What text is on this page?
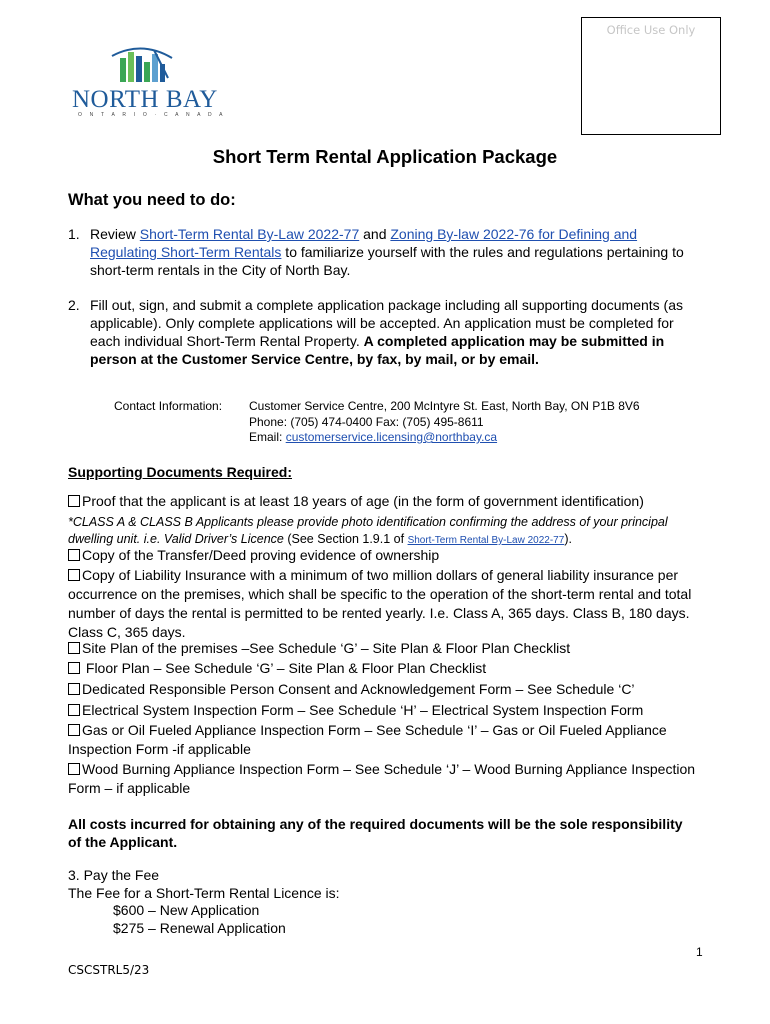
Office Use Only
NORTH BAY
O N T A R I O · C A N A D A
Short Term Rental Application Package
What you need to do:
1. Review Short-Term Rental By-Law 2022-77 and Zoning By-law 2022-76 for Defining and Regulating Short-Term Rentals to familiarize yourself with the rules and regulations pertaining to short-term rentals in the City of North Bay.
2. Fill out, sign, and submit a complete application package including all supporting documents (as applicable). Only complete applications will be accepted. An application must be completed for each individual Short-Term Rental Property. A completed application may be submitted in person at the Customer Service Centre, by fax, by mail, or by email.
Contact Information: Customer Service Centre, 200 McIntyre St. East, North Bay, ON P1B 8V6
Phone: (705) 474-0400 Fax: (705) 495-8611
Email: customerservice.licensing@northbay.ca
Supporting Documents Required:
Proof that the applicant is at least 18 years of age (in the form of government identification)
*CLASS A & CLASS B Applicants please provide photo identification confirming the address of your principal dwelling unit. i.e. Valid Driver’s Licence (See Section 1.9.1 of Short-Term Rental By-Law 2022-77).
Copy of the Transfer/Deed proving evidence of ownership
Copy of Liability Insurance with a minimum of two million dollars of general liability insurance per occurrence on the premises, which shall be specific to the operation of the short-term rental and total number of days the rental is permitted to be rented yearly. I.e. Class A, 365 days. Class B, 180 days. Class C, 365 days.
Site Plan of the premises –See Schedule ‘G’ – Site Plan & Floor Plan Checklist
Floor Plan – See Schedule ‘G’ – Site Plan & Floor Plan Checklist
Dedicated Responsible Person Consent and Acknowledgement Form – See Schedule ‘C’
Electrical System Inspection Form – See Schedule ‘H’ – Electrical System Inspection Form
Gas or Oil Fueled Appliance Inspection Form – See Schedule ‘I’ – Gas or Oil Fueled Appliance Inspection Form -if applicable
Wood Burning Appliance Inspection Form – See Schedule ‘J’ – Wood Burning Appliance Inspection Form – if applicable
All costs incurred for obtaining any of the required documents will be the sole responsibility of the Applicant.
3. Pay the Fee
The Fee for a Short-Term Rental Licence is:
$600 – New Application
$275 – Renewal Application
1
CSCSTRL5/23
